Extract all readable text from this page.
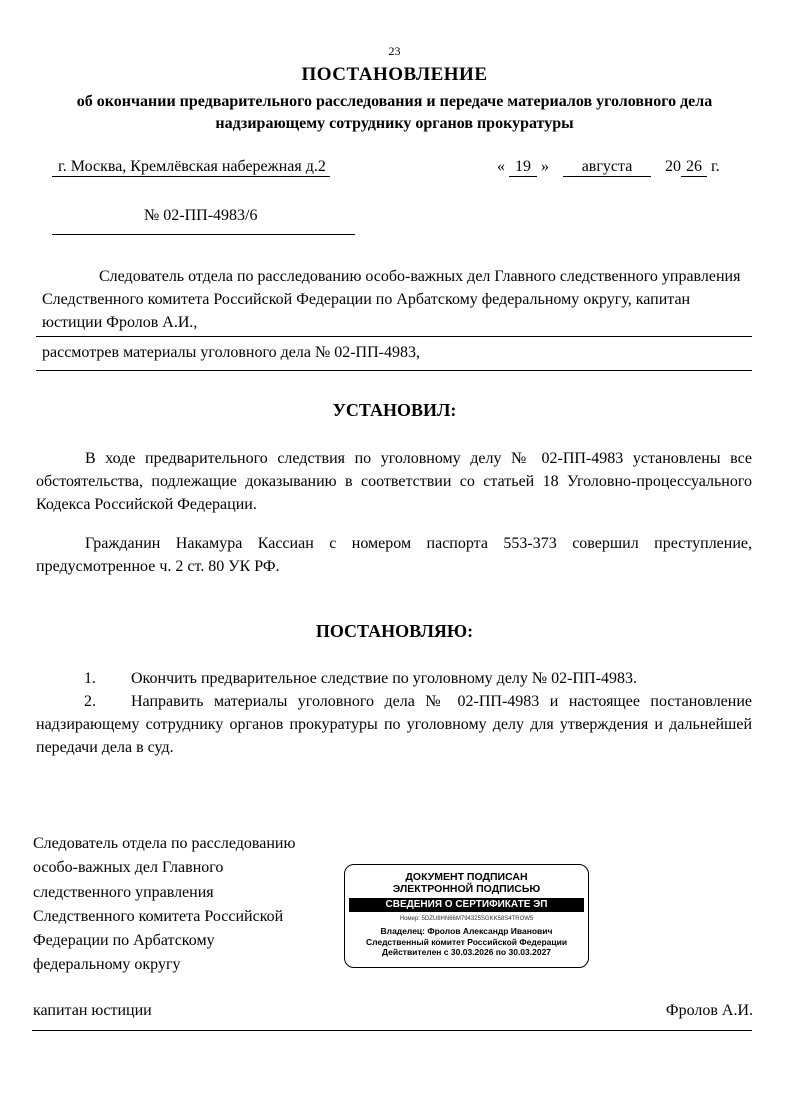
23
ПОСТАНОВЛЕНИЕ
об окончании предварительного расследования и передаче материалов уголовного дела
надзирающему сотруднику органов прокуратуры
г. Москва, Кремлёвская набережная д.2	« 19 » августа 20 26 г.
№ 02-ПП-4983/6
Следователь отдела по расследованию особо-важных дел Главного следственного управления Следственного комитета Российской Федерации по Арбатскому федеральному округу, капитан юстиции Фролов А.И.,
рассмотрев материалы уголовного дела № 02-ПП-4983,
УСТАНОВИЛ:
В ходе предварительного следствия по уголовному делу № 02-ПП-4983 установлены все обстоятельства, подлежащие доказыванию в соответствии со статьей 18 Уголовно-процессуального Кодекса Российской Федерации.
Гражданин Накамура Кассиан с номером паспорта 553-373 совершил преступление, предусмотренное ч. 2 ст. 80 УК РФ.
ПОСТАНОВЛЯЮ:
1. Окончить предварительное следствие по уголовному делу № 02-ПП-4983.
2. Направить материалы уголовного дела № 02-ПП-4983 и настоящее постановление надзирающему сотруднику органов прокуратуры по уголовному делу для утверждения и дальнейшей передачи дела в суд.
Следователь отдела по расследованию
особо-важных дел Главного
следственного управления
Следственного комитета Российской
Федерации по Арбатскому
федеральному округу
ДОКУМЕНТ ПОДПИСАН
ЭЛЕКТРОННОЙ ПОДПИСЬЮ
СВЕДЕНИЯ О СЕРТИФИКАТЕ ЭП
Номер: 5DZU8HN66M794325SGKK58S4TROW5
Владелец: Фролов Александр Иванович
Следственный комитет Российской Федерации
Действителен с 30.03.2026 по 30.03.2027
капитан юстиции	Фролов А.И.
